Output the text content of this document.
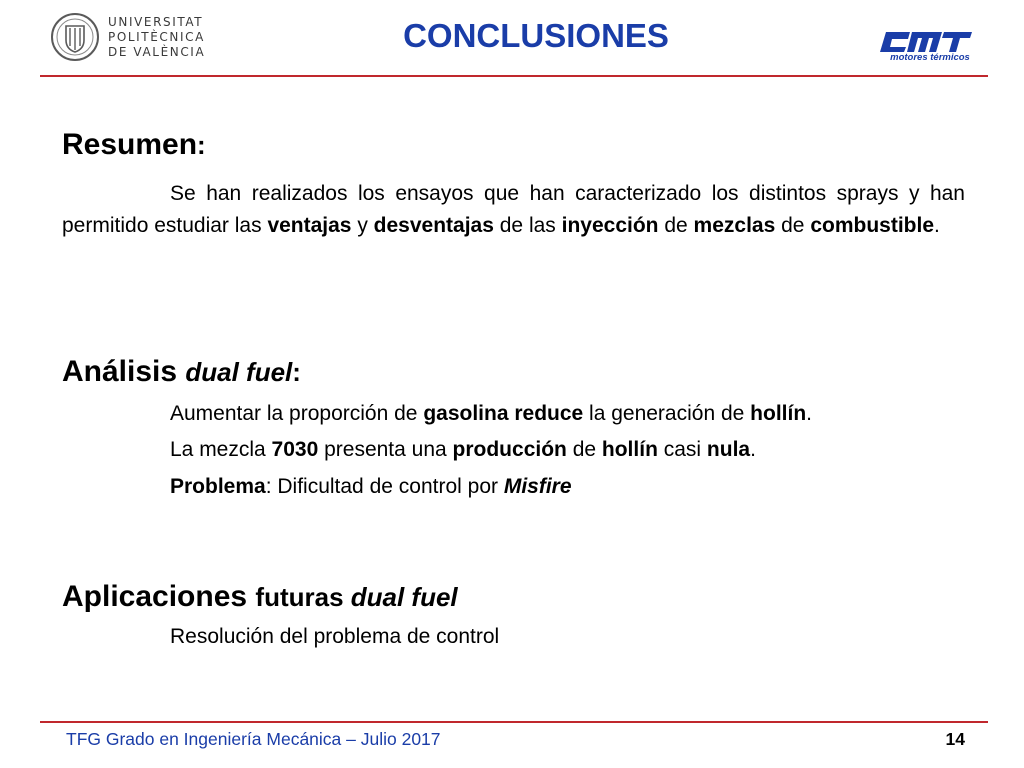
UNIVERSITAT
POLITÈCNICA
DE VALÈNCIA	CONCLUSIONES
motores térmicos
Resumen:
Se han realizados los ensayos que han caracterizado los distintos sprays y han permitido estudiar las ventajas y desventajas de las inyección de mezclas de combustible.
Análisis dual fuel:
Aumentar la proporción de gasolina reduce la generación de hollín.
La mezcla 7030 presenta una producción de hollín casi nula.
Problema: Dificultad de control por Misfire
Aplicaciones futuras dual fuel
Resolución del problema de control
TFG Grado en Ingeniería Mecánica – Julio 2017	14
